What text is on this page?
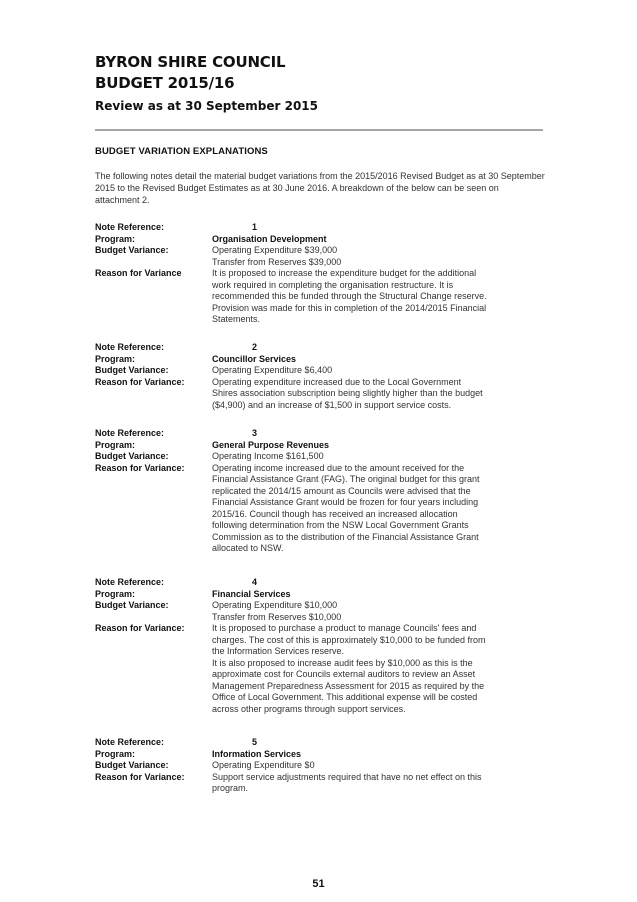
BYRON SHIRE COUNCIL
BUDGET 2015/16
Review as at 30 September 2015
BUDGET VARIATION EXPLANATIONS
The following notes detail the material budget variations from the 2015/2016 Revised Budget as at 30 September 2015 to the Revised Budget Estimates as at 30 June 2016. A breakdown of the below can be seen on attachment 2.
Note Reference:	1
Program:	Organisation Development
Budget Variance:	Operating Expenditure $39,000
Transfer from Reserves $39,000
Reason for Variance	It is proposed to increase the expenditure budget for the additional
work required in completing the organisation restructure. It is
recommended this be funded through the Structural Change reserve.
Provision was made for this in completion of the 2014/2015 Financial
Statements.
Note Reference:	2
Program:	Councillor Services
Budget Variance:	Operating Expenditure $6,400
Reason for Variance:	Operating expenditure increased due to the Local Government
Shires association subscription being slightly higher than the budget
($4,900) and an increase of $1,500 in support service costs.
Note Reference:	3
Program:	General Purpose Revenues
Budget Variance:	Operating Income $161,500
Reason for Variance:	Operating income increased due to the amount received for the
Financial Assistance Grant (FAG). The original budget for this grant
replicated the 2014/15 amount as Councils were advised that the
Financial Assistance Grant would be frozen for four years including
2015/16. Council though has received an increased allocation
following determination from the NSW Local Government Grants
Commission as to the distribution of the Financial Assistance Grant
allocated to NSW.
Note Reference:	4
Program:	Financial Services
Budget Variance:	Operating Expenditure $10,000
Transfer from Reserves $10,000
Reason for Variance:	It is proposed to purchase a product to manage Councils' fees and
charges. The cost of this is approximately $10,000 to be funded from
the Information Services reserve.
It is also proposed to increase audit fees by $10,000 as this is the
approximate cost for Councils external auditors to review an Asset
Management Preparedness Assessment for 2015 as required by the
Office of Local Government. This additional expense will be costed
across other programs through support services.
Note Reference:	5
Program:	Information Services
Budget Variance:	Operating Expenditure $0
Reason for Variance:	Support service adjustments required that have no net effect on this
program.
51
